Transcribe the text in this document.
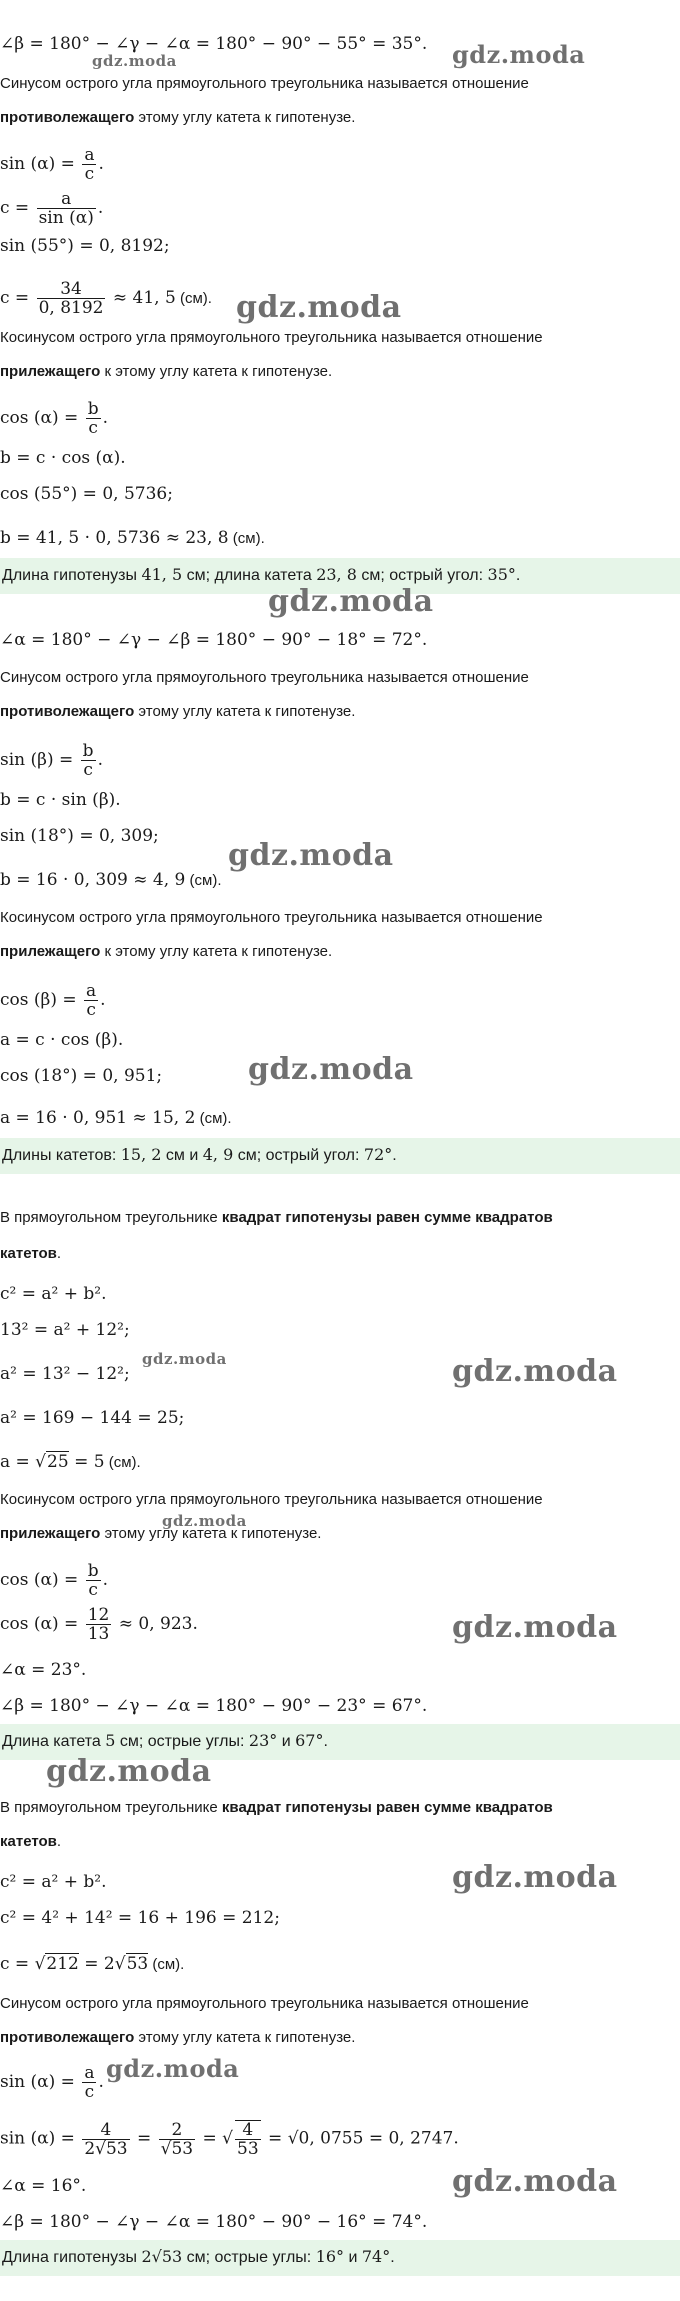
∠β = 180° − ∠γ − ∠α = 180° − 90° − 55° = 35°.
Синусом острого угла прямоугольного треугольника называется отношение
противолежащего этому углу катета к гипотенузе.
$\sin (\alpha) = \frac{a}{c}$ .
$c = \frac{a}{\sin (\alpha)}$ .
sin (55°) = 0, 8192;
$c = \frac{34}{0, 8192} \approx 41$, 5 (см).
Косинусом острого угла прямоугольного треугольника называется отношение
прилежащего к этому углу катета к гипотенузе.
$\cos (\alpha) = \frac{b}{c}$ .
b = c · cos (α).
cos (55°) = 0, 5736;
b = 41, 5 · 0, 5736 ≈ 23, 8 (см).
Длина гипотенузы 41, 5 см; длина катета 23, 8 см; острый угол: 35°.
∠α = 180° − ∠γ − ∠β = 180° − 90° − 18° = 72°.
Синусом острого угла прямоугольного треугольника называется отношение
противолежащего этому углу катета к гипотенузе.
$\sin (\beta) = \frac{b}{c}$ .
b = c · sin (β).
sin (18°) = 0, 309;
b = 16 · 0, 309 ≈ 4, 9 (см).
Косинусом острого угла прямоугольного треугольника называется отношение
прилежащего к этому углу катета к гипотенузе.
$\cos (\beta) = \frac{a}{c}$ .
a = c · cos (β).
cos (18°) = 0, 951;
a = 16 · 0, 951 ≈ 15, 2 (см).
Длины катетов: 15, 2 см и 4, 9 см; острый угол: 72°.
В прямоугольном треугольнике квадрат гипотенузы равен сумме квадратов
катетов.
c² = a² + b².
13² = a² + 12²;
a² = 13² − 12²;
a² = 169 − 144 = 25;
a = √25 = 5 (см).
Косинусом острого угла прямоугольного треугольника называется отношение
прилежащего этому углу катета к гипотенузе.
$\cos (\alpha) = \frac{b}{c}$ .
$\cos (\alpha) = \frac{12}{13} \approx 0$, 923.
∠α = 23°.
∠β = 180° − ∠γ − ∠α = 180° − 90° − 23° = 67°.
Длина катета 5 см; острые углы: 23° и 67°.
В прямоугольном треугольнике квадрат гипотенузы равен сумме квадратов
катетов.
c² = a² + b².
c² = 4² + 14² = 16 + 196 = 212;
c = √212 = 2√53 (см).
Синусом острого угла прямоугольного треугольника называется отношение
противолежащего этому углу катета к гипотенузе.
$\sin (\alpha) = \frac{a}{c}$ .
$\sin (\alpha) = \frac{4}{2√53} = \frac{2}{√53}$ = √ $\frac{4}{53} = √0$, 0755 = 0, 2747.
∠α = 16°.
∠β = 180° − ∠γ − ∠α = 180° − 90° − 16° = 74°.
Длина гипотенузы 2√53 см; острые углы: 16° и 74°.
gdz.moda	gdz.moda
gdz.moda
gdz.moda
gdz.moda
gdz.moda
gdz.moda	gdz.moda
gdz.moda
gdz.moda
gdz.moda
gdz.moda
gdz.moda
gdz.moda
